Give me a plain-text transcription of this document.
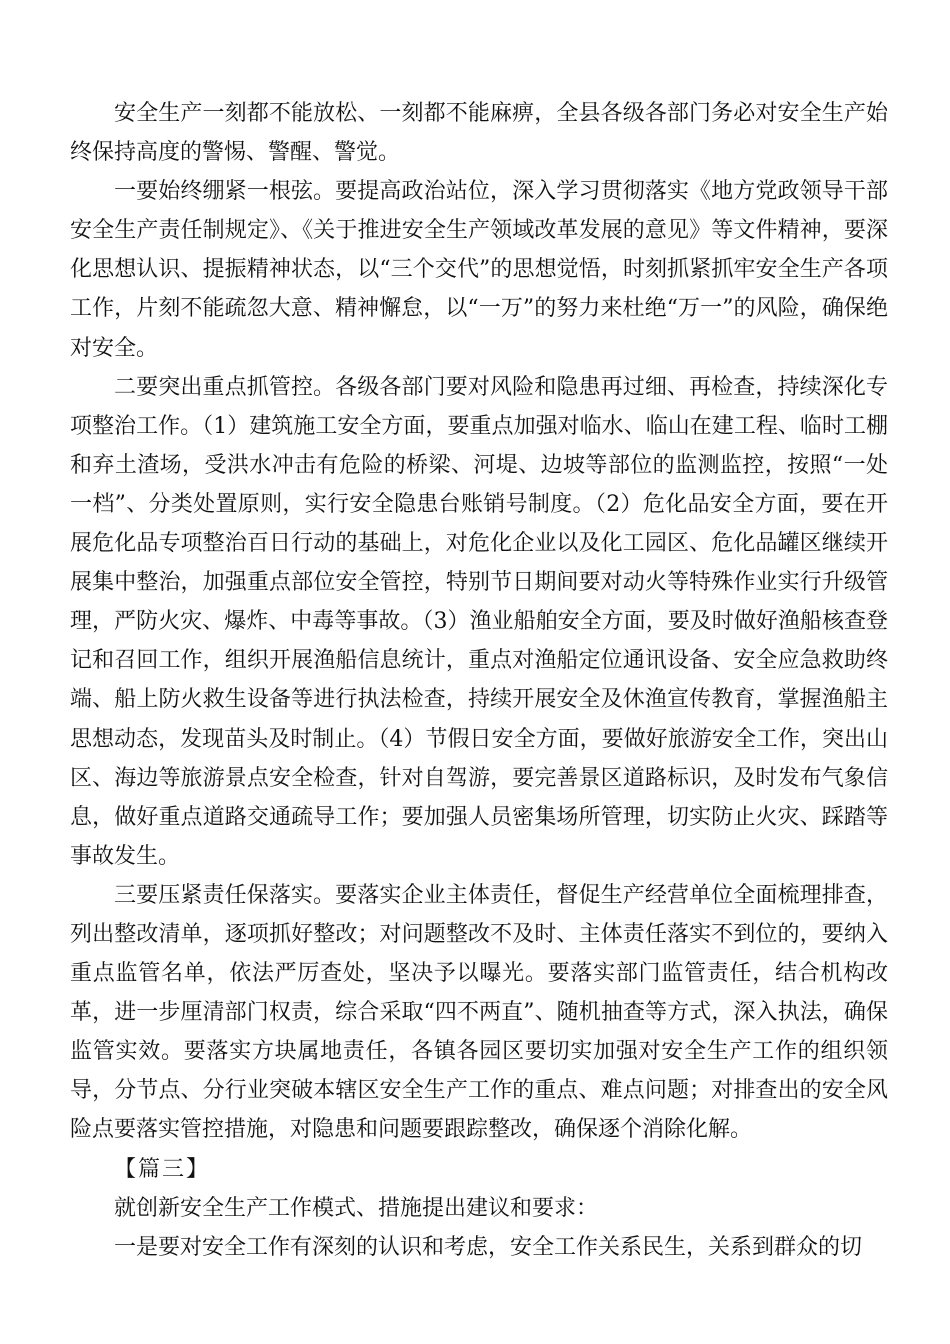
安全生产一刻都不能放松、一刻都不能麻痹，全县各级各部门务必对安全生产始终保持高度的警惕、警醒、警觉。

一要始终绷紧一根弦。要提高政治站位，深入学习贯彻落实《地方党政领导干部安全生产责任制规定》、《关于推进安全生产领域改革发展的意见》等文件精神，要深化思想认识、提振精神状态，以“三个交代”的思想觉悟，时刻抓紧抓牢安全生产各项工作，片刻不能疏忽大意、精神懈怠，以“一万”的努力来杜绝“万一”的风险，确保绝对安全。

二要突出重点抓管控。各级各部门要对风险和隐患再过细、再检查，持续深化专项整治工作。（1）建筑施工安全方面，要重点加强对临水、临山在建工程、临时工棚和弃土渣场，受洪水冲击有危险的桥梁、河堤、边坡等部位的监测监控，按照“一处一档”、分类处置原则，实行安全隐患台账销号制度。（2）危化品安全方面，要在开展危化品专项整治百日行动的基础上，对危化企业以及化工园区、危化品罐区继续开展集中整治，加强重点部位安全管控，特别节日期间要对动火等特殊作业实行升级管理，严防火灾、爆炸、中毒等事故。（3）渔业船舶安全方面，要及时做好渔船核查登记和召回工作，组织开展渔船信息统计，重点对渔船定位通讯设备、安全应急救助终端、船上防火救生设备等进行执法检查，持续开展安全及休渔宣传教育，掌握渔船主思想动态，发现苗头及时制止。（4）节假日安全方面，要做好旅游安全工作，突出山区、海边等旅游景点安全检查，针对自驾游，要完善景区道路标识，及时发布气象信息，做好重点道路交通疏导工作；要加强人员密集场所管理，切实防止火灾、踩踏等事故发生。

三要压紧责任保落实。要落实企业主体责任，督促生产经营单位全面梳理排查，列出整改清单，逐项抓好整改；对问题整改不及时、主体责任落实不到位的，要纳入重点监管名单，依法严厉查处，坚决予以曝光。要落实部门监管责任，结合机构改革，进一步厘清部门权责，综合采取“四不两直”、随机抽查等方式，深入执法，确保监管实效。要落实方块属地责任，各镇各园区要切实加强对安全生产工作的组织领导，分节点、分行业突破本辖区安全生产工作的重点、难点问题；对排查出的安全风险点要落实管控措施，对隐患和问题要跟踪整改，确保逐个消除化解。

【篇三】

就创新安全生产工作模式、措施提出建议和要求：

一是要对安全工作有深刻的认识和考虑，安全工作关系民生，关系到群众的切
